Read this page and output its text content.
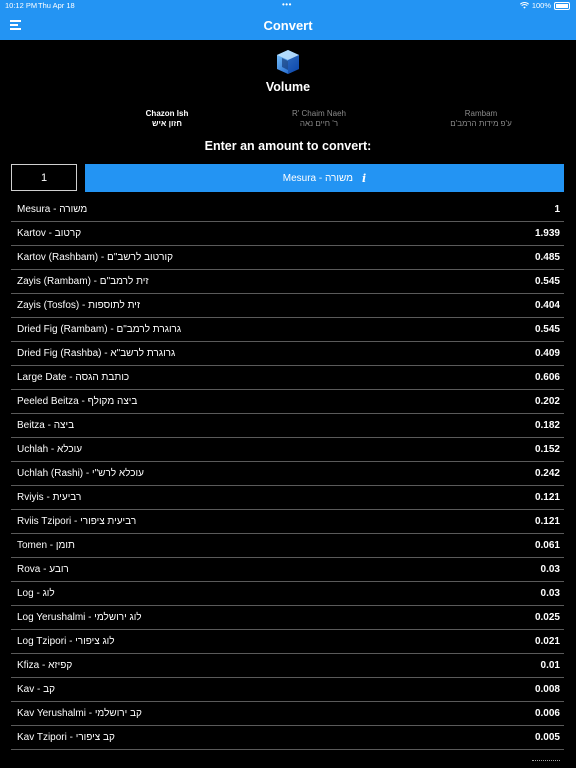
10:12 PM Thu Apr 18	•••	100%
Convert
Volume
Chazon Ish
חזון איש
R' Chaim Naeh
ר' חיים נאה
Rambam
ע'פ מידות הרמב'ם
Enter an amount to convert:
1
Mesura - משורה i
Mesura - משורה	1
Kartov - קרטוב	1.939
Kartov (Rashbam) - קורטוב לרשב"ם	0.485
Zayis (Rambam) - זית לרמב"ם	0.545
Zayis (Tosfos) - זית לתוספות	0.404
Dried Fig (Rambam) - גרוגרת לרמב"ם	0.545
Dried Fig (Rashba) - גרוגרת לרשב"א	0.409
Large Date - כותבת הגסה	0.606
Peeled Beitza - ביצה מקולף	0.202
Beitza - ביצה	0.182
Uchlah - עוכלא	0.152
Uchlah (Rashi) - עוכלא לרש"י	0.242
Rviyis - רביעית	0.121
Rviis Tzipori - רביעית ציפורי	0.121
Tomen - תומן	0.061
Rova - רובע	0.03
Log - לוג	0.03
Log Yerushalmi - לוג ירושלמי	0.025
Log Tzipori - לוג ציפורי	0.021
Kfiza - קפיזא	0.01
Kav - קב	0.008
Kav Yerushalmi - קב ירושלמי	0.006
Kav Tzipori - קב ציפורי	0.005
